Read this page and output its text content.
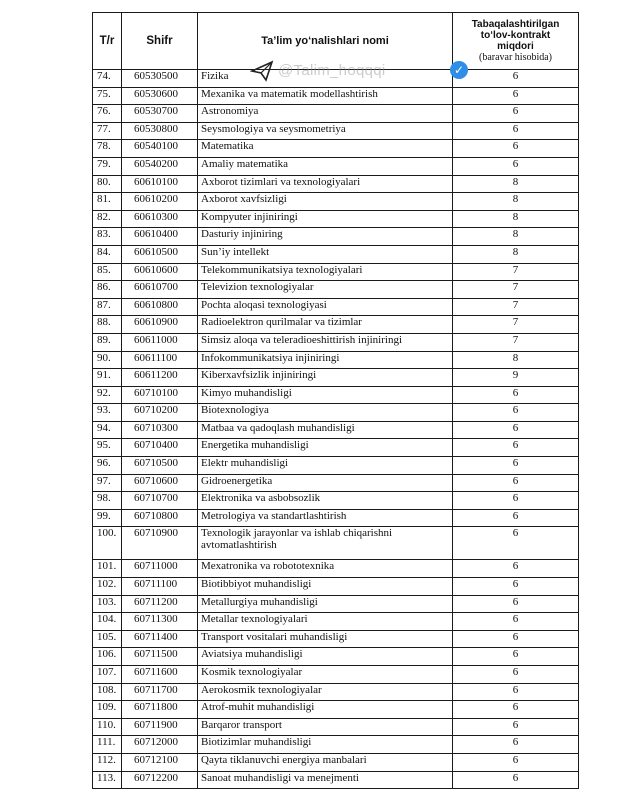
T/r	Shifr	Ta’lim yo‘nalishlari nomi	Tabaqalashtirilgan
to‘lov-kontrakt
miqdori
(baravar hisobida)

74.	60530500	Fizika	6
75.	60530600	Mexanika va matematik modellashtirish	6
76.	60530700	Astronomiya	6
77.	60530800	Seysmologiya va seysmometriya	6
78.	60540100	Matematika	6
79.	60540200	Amaliy matematika	6
80.	60610100	Axborot tizimlari va texnologiyalari	8
81.	60610200	Axborot xavfsizligi	8
82.	60610300	Kompyuter injiniringi	8
83.	60610400	Dasturiy injiniring	8
84.	60610500	Sun’iy intellekt	8
85.	60610600	Telekommunikatsiya texnologiyalari	7
86.	60610700	Televizion texnologiyalar	7
87.	60610800	Pochta aloqasi texnologiyasi	7
88.	60610900	Radioelektron qurilmalar va tizimlar	7
89.	60611000	Simsiz aloqa va teleradioeshittirish injiniringi	7
90.	60611100	Infokommunikatsiya injiniringi	8
91.	60611200	Kiberxavfsizlik injiniringi	9
92.	60710100	Kimyo muhandisligi	6
93.	60710200	Biotexnologiya	6
94.	60710300	Matbaa va qadoqlash muhandisligi	6
95.	60710400	Energetika muhandisligi	6
96.	60710500	Elektr muhandisligi	6
97.	60710600	Gidroenergetika	6
98.	60710700	Elektronika va asbobsozlik	6
99.	60710800	Metrologiya va standartlashtirish	6
100.	60710900	Texnologik jarayonlar va ishlab chiqarishni avtomatlashtirish	6
101.	60711000	Mexatronika va robototexnika	6
102.	60711100	Biotibbiyot muhandisligi	6
103.	60711200	Metallurgiya muhandisligi	6
104.	60711300	Metallar texnologiyalari	6
105.	60711400	Transport vositalari muhandisligi	6
106.	60711500	Aviatsiya muhandisligi	6
107.	60711600	Kosmik texnologiyalar	6
108.	60711700	Aerokosmik texnologiyalar	6
109.	60711800	Atrof-muhit muhandisligi	6
110.	60711900	Barqaror transport	6
111.	60712000	Biotizimlar muhandisligi	6
112.	60712100	Qayta tiklanuvchi energiya manbalari	6
113.	60712200	Sanoat muhandisligi va menejmenti	6
@Talim_hoqqqi	✓
